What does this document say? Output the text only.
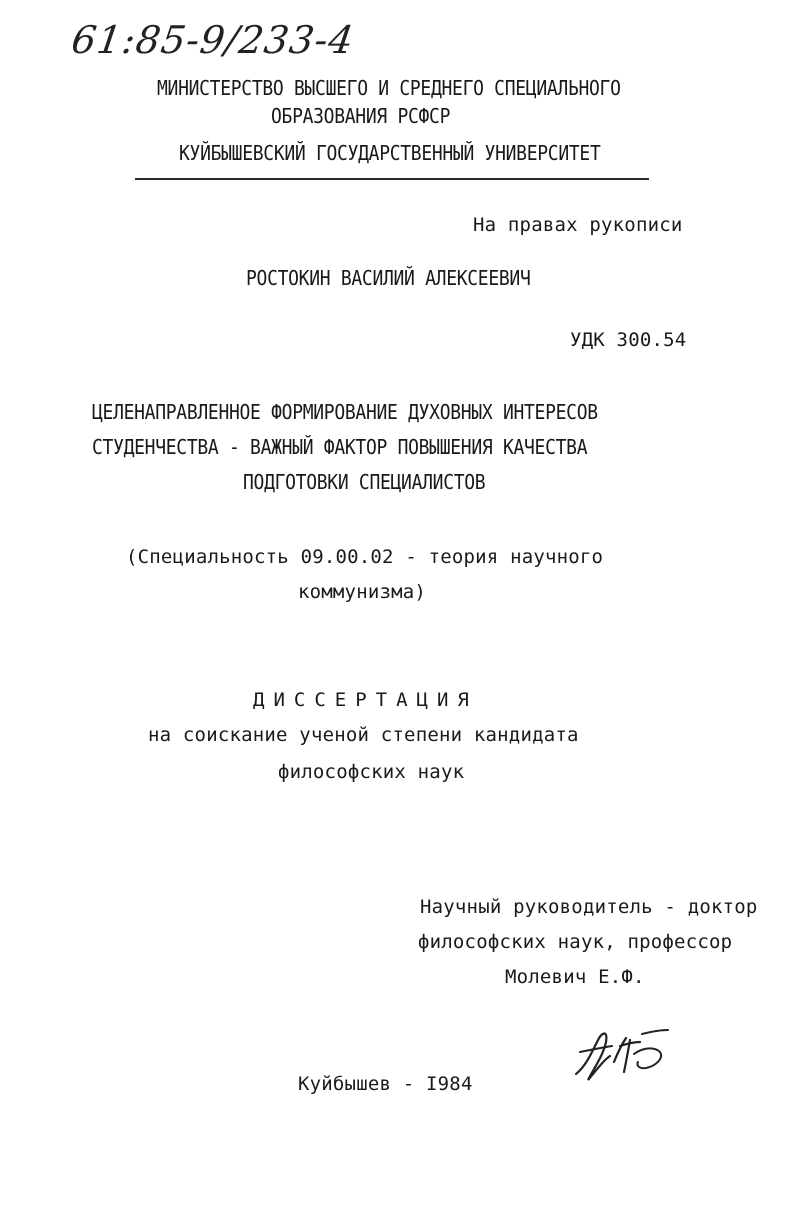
61:85-9/233-4
МИНИСТЕРСТВО ВЫСШЕГО И СРЕДНЕГО СПЕЦИАЛЬНОГО
ОБРАЗОВАНИЯ РСФСР
КУЙБЫШЕВСКИЙ ГОСУДАРСТВЕННЫЙ УНИВЕРСИТЕТ
На правах рукописи
РОСТОКИН ВАСИЛИЙ АЛЕКСЕЕВИЧ
УДК 300.54
ЦЕЛЕНАПРАВЛЕННОЕ ФОРМИРОВАНИЕ ДУХОВНЫХ ИНТЕРЕСОВ
СТУДЕНЧЕСТВА - ВАЖНЫЙ ФАКТОР ПОВЫШЕНИЯ КАЧЕСТВА
ПОДГОТОВКИ СПЕЦИАЛИСТОВ
(Специальность 09.00.02 - теория научного
коммунизма)
ДИССЕРТАЦИЯ
на соискание ученой степени кандидата
философских наук
Научный руководитель - доктор
философских наук, профессор
Молевич Е.Ф.
Куйбышев - I984
